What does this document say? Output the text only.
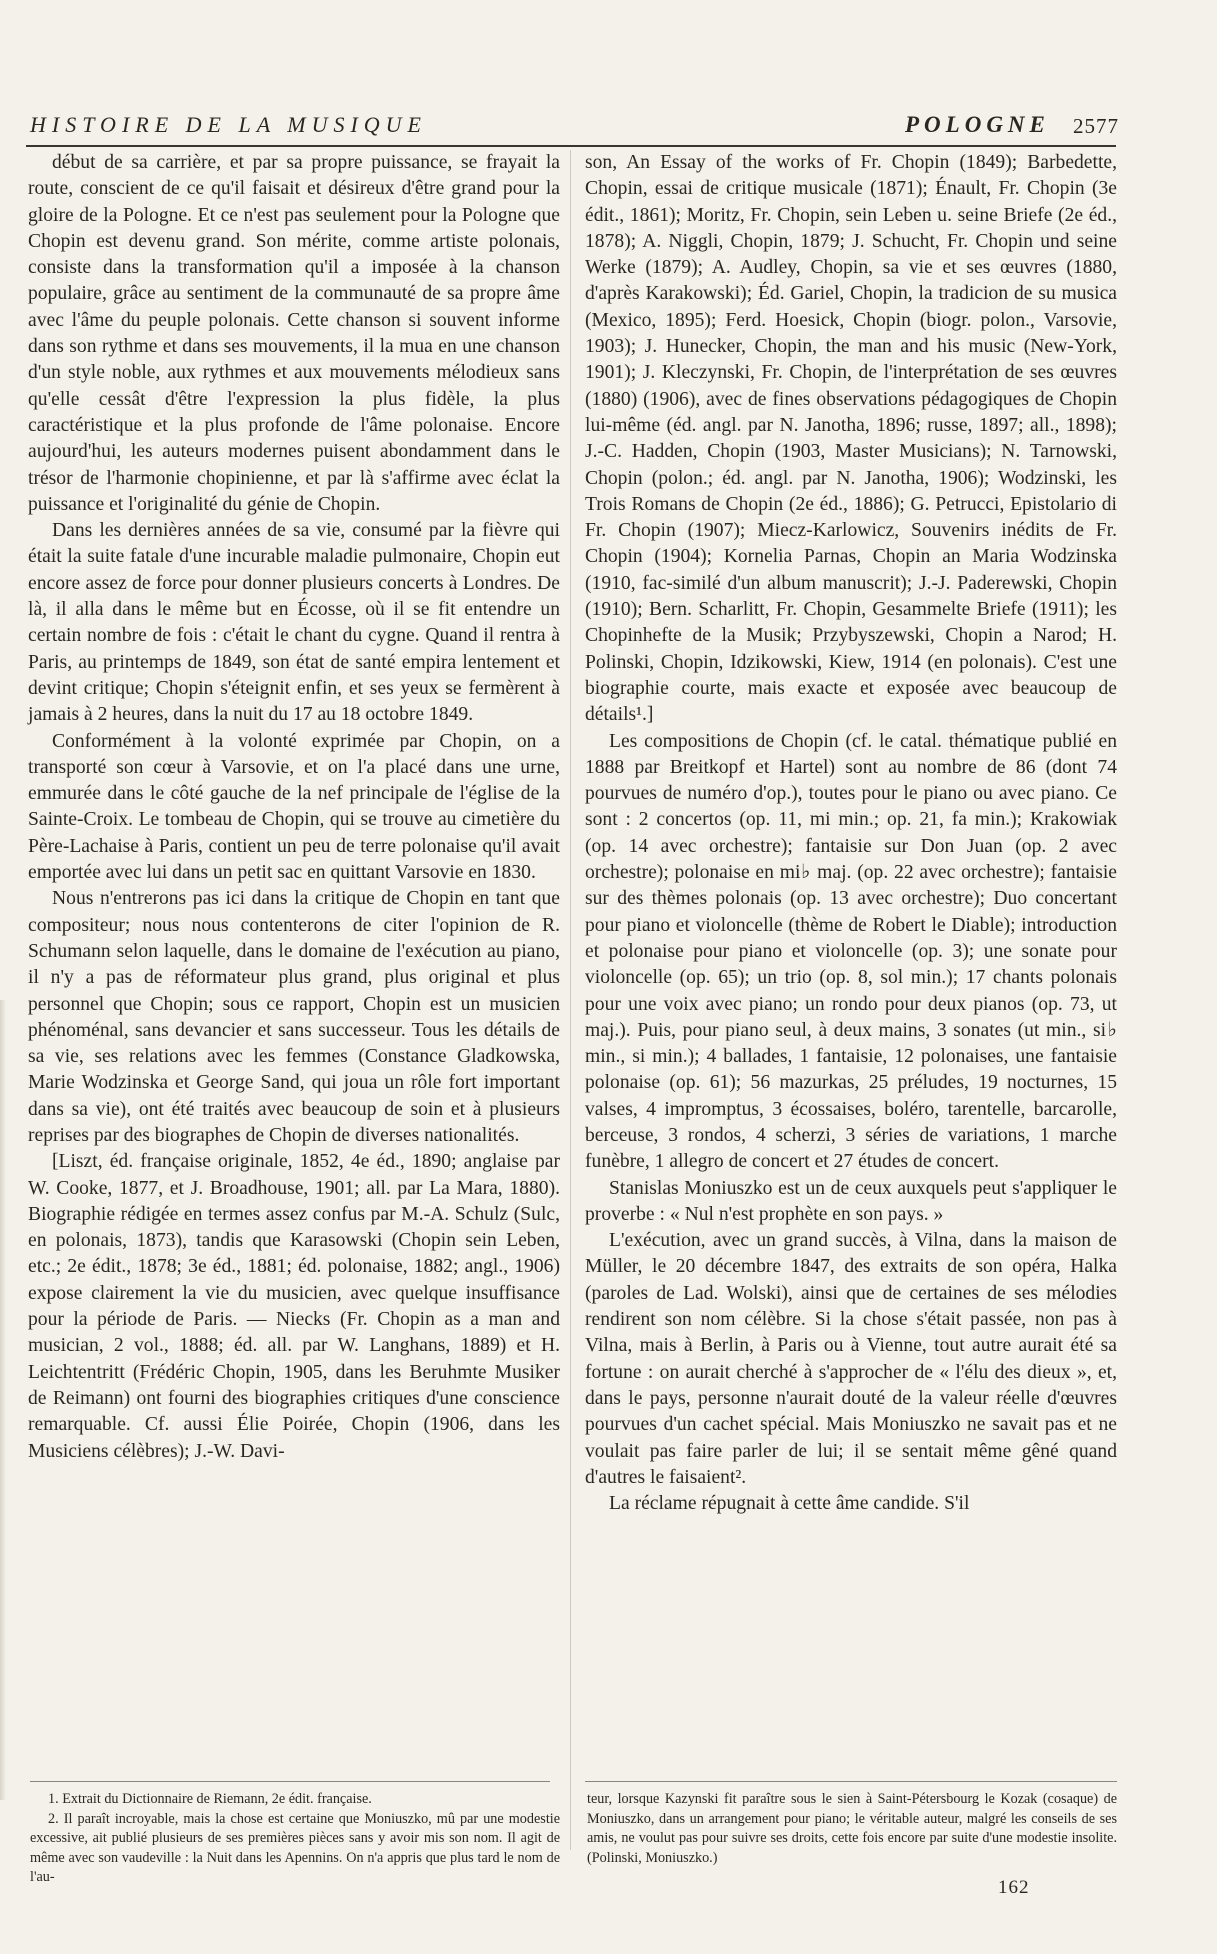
HISTOIRE DE LA MUSIQUE	POLOGNE 2577

début de sa carrière, et par sa propre puissance, se frayait la route, conscient de ce qu'il faisait et désireux d'être grand pour la gloire de la Pologne. Et ce n'est pas seulement pour la Pologne que Chopin est devenu grand. Son mérite, comme artiste polonais, consiste dans la transformation qu'il a imposée à la chanson populaire, grâce au sentiment de la communauté de sa propre âme avec l'âme du peuple polonais. Cette chanson si souvent informe dans son rythme et dans ses mouvements, il la mua en une chanson d'un style noble, aux rythmes et aux mouvements mélodieux sans qu'elle cessât d'être l'expression la plus fidèle, la plus caractéristique et la plus profonde de l'âme polonaise. Encore aujourd'hui, les auteurs modernes puisent abondamment dans le trésor de l'harmonie chopinienne, et par là s'affirme avec éclat la puissance et l'originalité du génie de Chopin.

Dans les dernières années de sa vie, consumé par la fièvre qui était la suite fatale d'une incurable maladie pulmonaire, Chopin eut encore assez de force pour donner plusieurs concerts à Londres. De là, il alla dans le même but en Écosse, où il se fit entendre un certain nombre de fois : c'était le chant du cygne. Quand il rentra à Paris, au printemps de 1849, son état de santé empira lentement et devint critique; Chopin s'éteignit enfin, et ses yeux se fermèrent à jamais à 2 heures, dans la nuit du 17 au 18 octobre 1849.

Conformément à la volonté exprimée par Chopin, on a transporté son cœur à Varsovie, et on l'a placé dans une urne, emmurée dans le côté gauche de la nef principale de l'église de la Sainte-Croix. Le tombeau de Chopin, qui se trouve au cimetière du Père-Lachaise à Paris, contient un peu de terre polonaise qu'il avait emportée avec lui dans un petit sac en quittant Varsovie en 1830.

Nous n'entrerons pas ici dans la critique de Chopin en tant que compositeur; nous nous contenterons de citer l'opinion de R. Schumann selon laquelle, dans le domaine de l'exécution au piano, il n'y a pas de réformateur plus grand, plus original et plus personnel que Chopin; sous ce rapport, Chopin est un musicien phénoménal, sans devancier et sans successeur. Tous les détails de sa vie, ses relations avec les femmes (Constance Gladkowska, Marie Wodzinska et George Sand, qui joua un rôle fort important dans sa vie), ont été traités avec beaucoup de soin et à plusieurs reprises par des biographes de Chopin de diverses nationalités.

[Liszt, éd. française originale, 1852, 4e éd., 1890; anglaise par W. Cooke, 1877, et J. Broadhouse, 1901; all. par La Mara, 1880). Biographie rédigée en termes assez confus par M.-A. Schulz (Sulc, en polonais, 1873), tandis que Karasowski (Chopin sein Leben, etc.; 2e édit., 1878; 3e éd., 1881; éd. polonaise, 1882; angl., 1906) expose clairement la vie du musicien, avec quelque insuffisance pour la période de Paris. — Niecks (Fr. Chopin as a man and musician, 2 vol., 1888; éd. all. par W. Langhans, 1889) et H. Leichtentritt (Frédéric Chopin, 1905, dans les Beruhmte Musiker de Reimann) ont fourni des biographies critiques d'une conscience remarquable. Cf. aussi Élie Poirée, Chopin (1906, dans les Musiciens célèbres); J.-W. Davi-

son, An Essay of the works of Fr. Chopin (1849); Barbedette, Chopin, essai de critique musicale (1871); Énault, Fr. Chopin (3e édit., 1861); Moritz, Fr. Chopin, sein Leben u. seine Briefe (2e éd., 1878); A. Niggli, Chopin, 1879; J. Schucht, Fr. Chopin und seine Werke (1879); A. Audley, Chopin, sa vie et ses œuvres (1880, d'après Karakowski); Éd. Gariel, Chopin, la tradicion de su musica (Mexico, 1895); Ferd. Hoesick, Chopin (biogr. polon., Varsovie, 1903); J. Hunecker, Chopin, the man and his music (New-York, 1901); J. Kleczynski, Fr. Chopin, de l'interprétation de ses œuvres (1880) (1906), avec de fines observations pédagogiques de Chopin lui-même (éd. angl. par N. Janotha, 1896; russe, 1897; all., 1898); J.-C. Hadden, Chopin (1903, Master Musicians); N. Tarnowski, Chopin (polon.; éd. angl. par N. Janotha, 1906); Wodzinski, les Trois Romans de Chopin (2e éd., 1886); G. Petrucci, Epistolario di Fr. Chopin (1907); Miecz-Karlowicz, Souvenirs inédits de Fr. Chopin (1904); Kornelia Parnas, Chopin an Maria Wodzinska (1910, fac-similé d'un album manuscrit); J.-J. Paderewski, Chopin (1910); Bern. Scharlitt, Fr. Chopin, Gesammelte Briefe (1911); les Chopinhefte de la Musik; Przybyszewski, Chopin a Narod; H. Polinski, Chopin, Idzikowski, Kiew, 1914 (en polonais). C'est une biographie courte, mais exacte et exposée avec beaucoup de détails¹.]

Les compositions de Chopin (cf. le catal. thématique publié en 1888 par Breitkopf et Hartel) sont au nombre de 86 (dont 74 pourvues de numéro d'op.), toutes pour le piano ou avec piano. Ce sont : 2 concertos (op. 11, mi min.; op. 21, fa min.); Krakowiak (op. 14 avec orchestre); fantaisie sur Don Juan (op. 2 avec orchestre); polonaise en mi♭ maj. (op. 22 avec orchestre); fantaisie sur des thèmes polonais (op. 13 avec orchestre); Duo concertant pour piano et violoncelle (thème de Robert le Diable); introduction et polonaise pour piano et violoncelle (op. 3); une sonate pour violoncelle (op. 65); un trio (op. 8, sol min.); 17 chants polonais pour une voix avec piano; un rondo pour deux pianos (op. 73, ut maj.). Puis, pour piano seul, à deux mains, 3 sonates (ut min., si♭ min., si min.); 4 ballades, 1 fantaisie, 12 polonaises, une fantaisie polonaise (op. 61); 56 mazurkas, 25 préludes, 19 nocturnes, 15 valses, 4 impromptus, 3 écossaises, boléro, tarentelle, barcarolle, berceuse, 3 rondos, 4 scherzi, 3 séries de variations, 1 marche funèbre, 1 allegro de concert et 27 études de concert.

Stanislas Moniuszko est un de ceux auxquels peut s'appliquer le proverbe : « Nul n'est prophète en son pays. »

L'exécution, avec un grand succès, à Vilna, dans la maison de Müller, le 20 décembre 1847, des extraits de son opéra, Halka (paroles de Lad. Wolski), ainsi que de certaines de ses mélodies rendirent son nom célèbre. Si la chose s'était passée, non pas à Vilna, mais à Berlin, à Paris ou à Vienne, tout autre aurait été sa fortune : on aurait cherché à s'approcher de « l'élu des dieux », et, dans le pays, personne n'aurait douté de la valeur réelle d'œuvres pourvues d'un cachet spécial. Mais Moniuszko ne savait pas et ne voulait pas faire parler de lui; il se sentait même gêné quand d'autres le faisaient².

La réclame répugnait à cette âme candide. S'il

1. Extrait du Dictionnaire de Riemann, 2e édit. française.

2. Il paraît incroyable, mais la chose est certaine que Moniuszko, mû par une modestie excessive, ait publié plusieurs de ses premières pièces sans y avoir mis son nom. Il agit de même avec son vaudeville : la Nuit dans les Apennins. On n'a appris que plus tard le nom de l'au-

teur, lorsque Kazynski fit paraître sous le sien à Saint-Pétersbourg le Kozak (cosaque) de Moniuszko, dans un arrangement pour piano; le véritable auteur, malgré les conseils de ses amis, ne voulut pas pour suivre ses droits, cette fois encore par suite d'une modestie insolite. (Polinski, Moniuszko.)

162
